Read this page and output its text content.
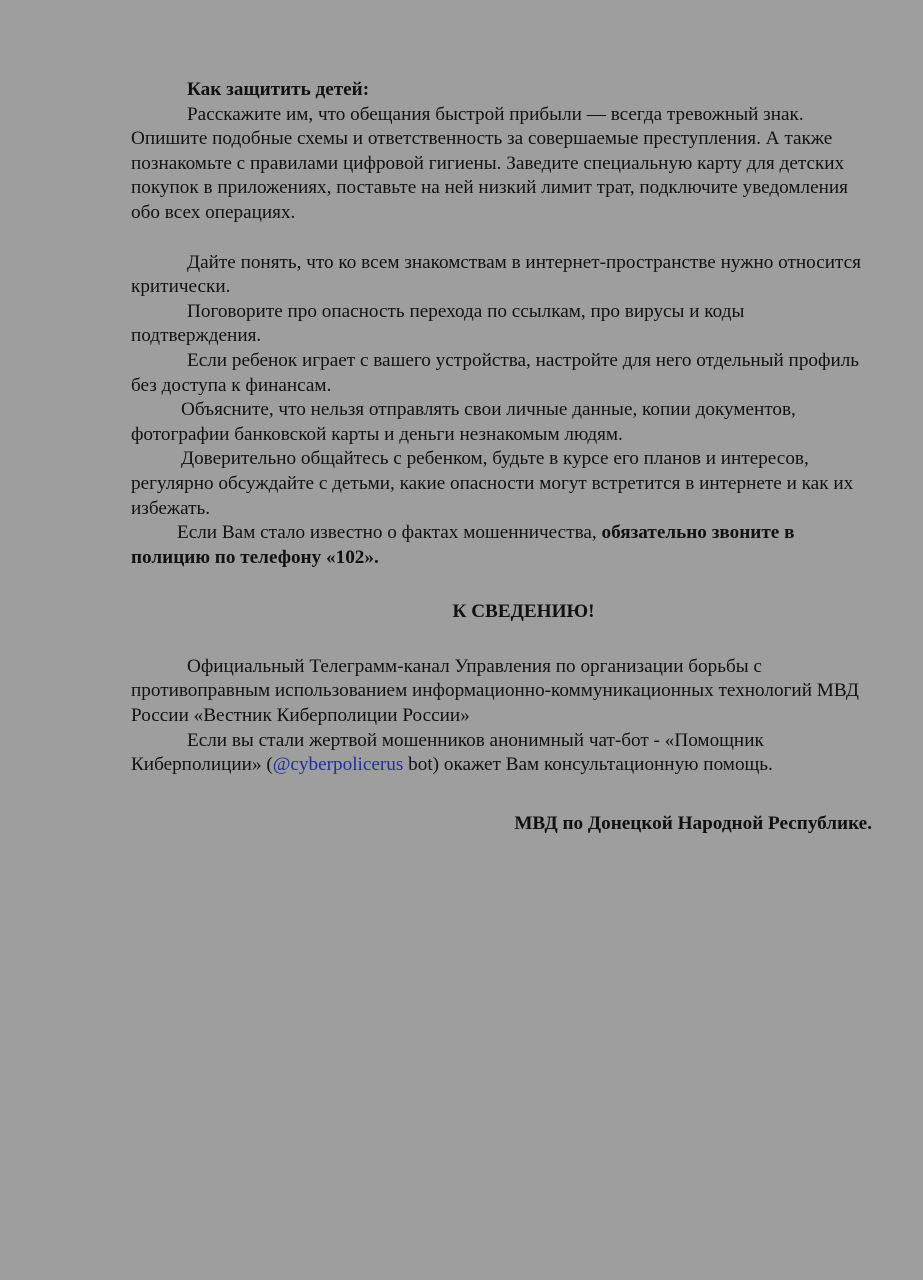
Как защитить детей:

Расскажите им, что обещания быстрой прибыли — всегда тревожный знак. Опишите подобные схемы и ответственность за совершаемые преступления. А также познакомьте с правилами цифровой гигиены. Заведите специальную карту для детских покупок в приложениях, поставьте на ней низкий лимит трат, подключите уведомления обо всех операциях.

Дайте понять, что ко всем знакомствам в интернет-пространстве нужно относится критически.

Поговорите про опасность перехода по ссылкам, про вирусы и коды подтверждения.

Если ребенок играет с вашего устройства, настройте для него отдельный профиль без доступа к финансам.

Объясните, что нельзя отправлять свои личные данные, копии документов, фотографии банковской карты и деньги незнакомым людям.

Доверительно общайтесь с ребенком, будьте в курсе его планов и интересов, регулярно обсуждайте с детьми, какие опасности могут встретится в интернете и как их избежать.

Если Вам стало известно о фактах мошенничества, обязательно звоните в полицию по телефону «102».

К СВЕДЕНИЮ!

Официальный Телеграмм-канал Управления по организации борьбы с противоправным использованием информационно-коммуникационных технологий МВД России «Вестник Киберполиции России»

Если вы стали жертвой мошенников анонимный чат-бот - «Помощник Киберполиции» (@cyberpolicerus bot) окажет Вам консультационную помощь.

МВД по Донецкой Народной Республике.
